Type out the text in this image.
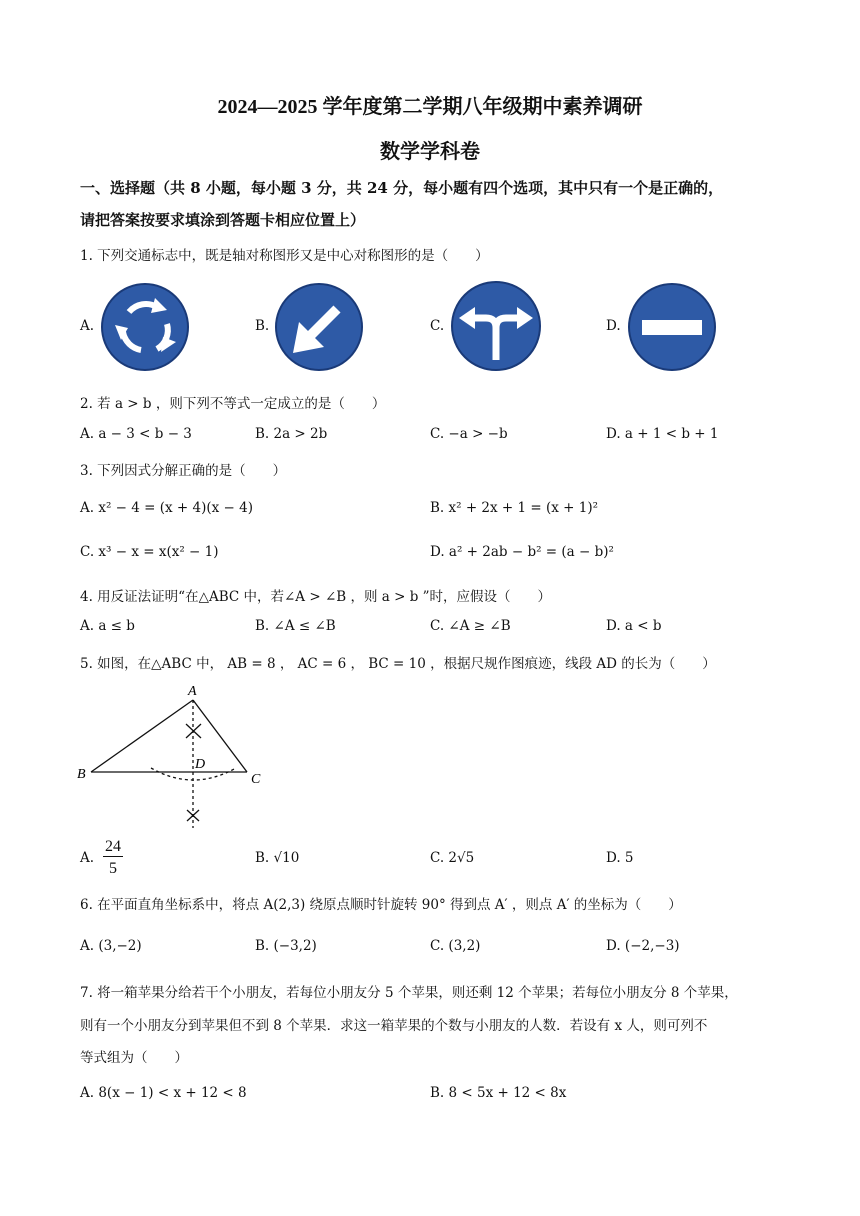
2024—2025 学年度第二学期八年级期中素养调研
数学学科卷
一、选择题（共 8 小题，每小题 3 分，共 24 分，每小题有四个选项，其中只有一个是正确的，
请把答案按要求填涂到答题卡相应位置上）
1. 下列交通标志中，既是轴对称图形又是中心对称图形的是（　　）
A.	B.	C.	D.
2. 若 a > b ，则下列不等式一定成立的是（　　）
A. a − 3 < b − 3	B. 2a > 2b	C. −a > −b	D. a + 1 < b + 1
3. 下列因式分解正确的是（　　）
A. x² − 4 = (x + 4)(x − 4)	B. x² + 2x + 1 = (x + 1)²
C. x³ − x = x(x² − 1)	D. a² + 2ab − b² = (a − b)²
4. 用反证法证明“在△ABC 中，若∠A > ∠B ，则 a > b ”时，应假设（　　）
A. a ≤ b	B. ∠A ≤ ∠B	C. ∠A ≥ ∠B	D. a < b
5. 如图，在△ABC 中， AB = 8 ， AC = 6 ， BC = 10 ，根据尺规作图痕迹，线段 AD 的长为（　　）
A
B	C
D
A.
24
5
B. √10	C. 2√5	D. 5
6. 在平面直角坐标系中，将点 A(2,3) 绕原点顺时针旋转 90° 得到点 A′ ，则点 A′ 的坐标为（　　）
A. (3,−2)	B. (−3,2)	C. (3,2)	D. (−2,−3)
7. 将一箱苹果分给若干个小朋友，若每位小朋友分 5 个苹果，则还剩 12 个苹果；若每位小朋友分 8 个苹果，
则有一个小朋友分到苹果但不到 8 个苹果．求这一箱苹果的个数与小朋友的人数．若设有 x 人，则可列不
等式组为（　　）
A. 8(x − 1) < x + 12 < 8	B. 8 < 5x + 12 < 8x
